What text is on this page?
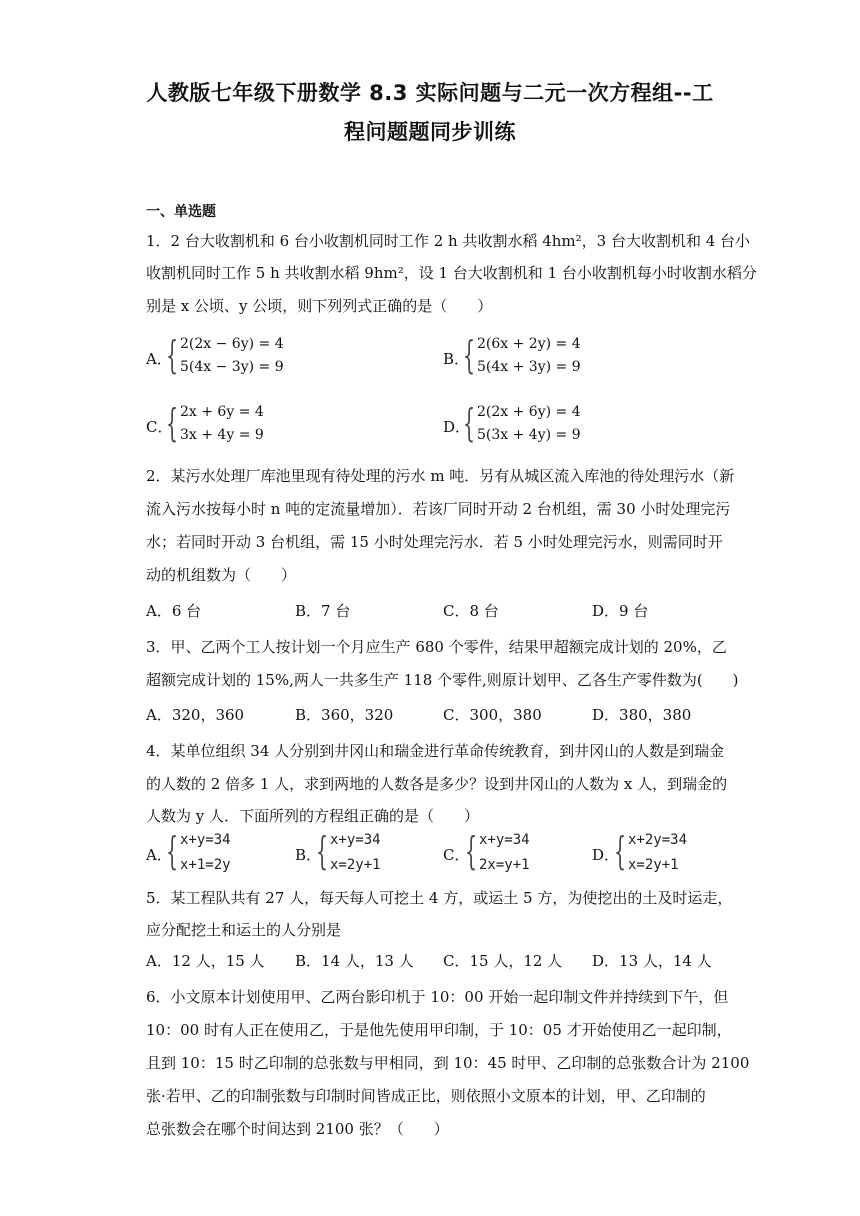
人教版七年级下册数学 8.3 实际问题与二元一次方程组--工
程问题题同步训练
一、单选题
1．2 台大收割机和 6 台小收割机同时工作 2 h 共收割水稻 4hm²，3 台大收割机和 4 台小
收割机同时工作 5 h 共收割水稻 9hm²，设 1 台大收割机和 1 台小收割机每小时收割水稻分
别是 x 公顷、y 公顷，则下列列式正确的是（　　）
A．
{ 2(2x − 6y) = 4
5(4x − 3y) = 9	B．
{ 2(6x + 2y) = 4
5(4x + 3y) = 9
C．
{ 2x + 6y = 4
3x + 4y = 9	D．
{ 2(2x + 6y) = 4
5(3x + 4y) = 9
2．某污水处理厂库池里现有待处理的污水 m 吨．另有从城区流入库池的待处理污水（新
流入污水按每小时 n 吨的定流量增加）．若该厂同时开动 2 台机组，需 30 小时处理完污
水；若同时开动 3 台机组，需 15 小时处理完污水．若 5 小时处理完污水，则需同时开
动的机组数为（　　）
A．6 台	B．7 台	C．8 台	D．9 台
3．甲、乙两个工人按计划一个月应生产 680 个零件，结果甲超额完成计划的 20%，乙
超额完成计划的 15%,两人一共多生产 118 个零件,则原计划甲、乙各生产零件数为(　　)
A．320，360	B．360，320	C．300，380	D．380，380
4．某单位组织 34 人分别到井冈山和瑞金进行革命传统教育，到井冈山的人数是到瑞金
的人数的 2 倍多 1 人，求到两地的人数各是多少？设到井冈山的人数为 x 人，到瑞金的
人数为 y 人．下面所列的方程组正确的是（　　）
A．
{ x+y=34
x+1=2y
B．
{ x+y=34
x=2y+1
C．
{ x+y=34
2x=y+1
D．
{ x+2y=34
x=2y+1
5．某工程队共有 27 人，每天每人可挖土 4 方，或运土 5 方，为使挖出的土及时运走，
应分配挖土和运土的人分别是
A．12 人，15 人 B．14 人，13 人 C．15 人，12 人 D．13 人，14 人
6．小文原本计划使用甲、乙两台影印机于 10：00 开始一起印制文件并持续到下午，但
10：00 时有人正在使用乙，于是他先使用甲印制，于 10：05 才开始使用乙一起印制，
且到 10：15 时乙印制的总张数与甲相同，到 10：45 时甲、乙印制的总张数合计为 2100
张·若甲、乙的印制张数与印制时间皆成正比，则依照小文原本的计划，甲、乙印制的
总张数会在哪个时间达到 2100 张？（　　）
